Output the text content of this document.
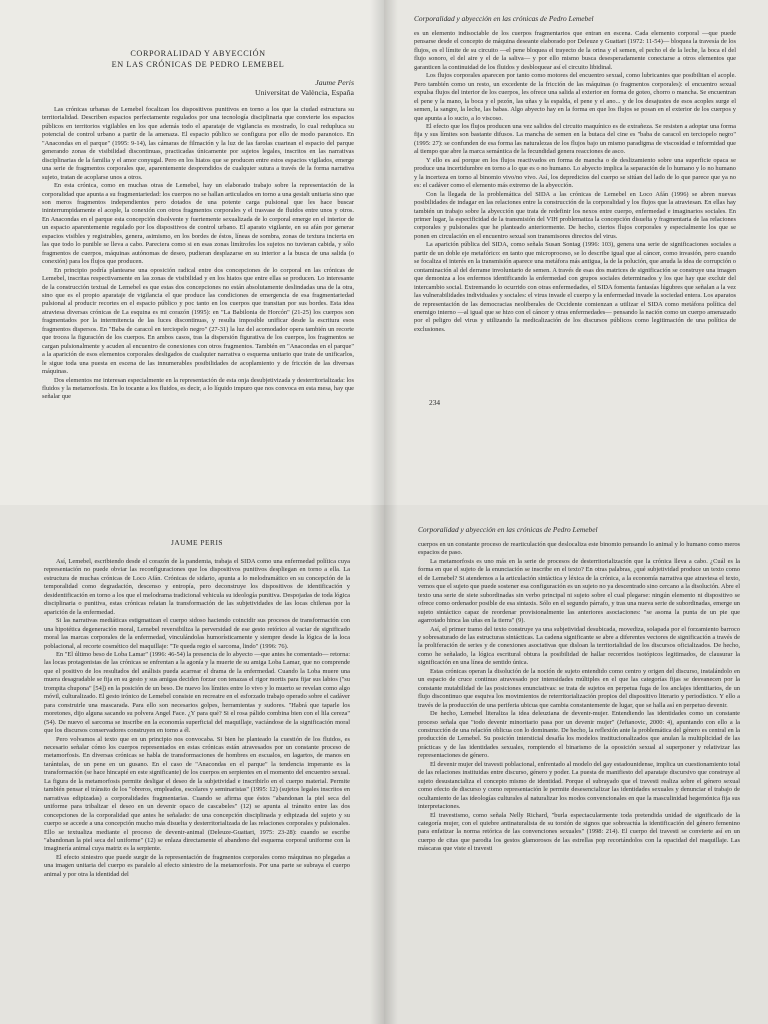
CORPORALIDAD Y ABYECCIÓN
EN LAS CRÓNICAS DE PEDRO LEMEBEL
Jaume Peris
Universitat de València, España

Las crónicas urbanas de Lemebel focalizan los dispositivos punitivos en torno a los que la ciudad estructura su territorialidad. Describen espacios perfectamente regulados por una tecnología disciplinaria que convierte los espacios públicos en territorios vigilables en los que además todo el aparataje de vigilancia es mostrado, lo cual redupluca su potencial de control urbano a partir de la amenaza. El espacio público se configura por ello de modo paranoico. En "Anacondas en el parque" (1995: 9-14), las cámaras de filmación y la luz de las farolas cuartean el espacio del parque generando zonas de visibilidad discontinuas, practicadas únicamente por sujetos legales, inscritos en las narrativas disciplinarias de la familia y el amor conyugal. Pero en los hiatos que se producen entre estos espacios vigilados, emerge una serie de fragmentos corporales que, aparentemente desprendidos de cualquier sutura a través de la forma narrativa sujeto, tratan de acoplarse unos a otros.

En esta crónica, como en muchas otras de Lemebel, hay un elaborado trabajo sobre la representación de la corporalidad que apunta a su fragmentariedad: los cuerpos no se hallan articulados en torno a una gestalt unitaria sino que son meros fragmentos independientes pero dotados de una potente carga pulsional que les hace buscar ininterrumpidamente el acople, la conexión con otros fragmentos corporales y el trasvase de fluidos entre unos y otros. En Anacondas en el parque esta concepción disolvente y fuertemente sexualizada de lo corporal emerge en el interior de un espacio aparentemente regulado por los dispositivos de control urbano. El aparato vigilante, en su afán por generar espacios visibles y registrables, genera, asimismo, en los bordes de éstos, líneas de sombra, zonas de textura incierta en las que todo lo punible se lleva a cabo. Pareciera como si en esas zonas limítrofes los sujetos no tuvieran cabida, y sólo fragmentos de cuerpos, máquinas autónomas de deseo, pudieran desplazarse en su interior a la busca de una salida (o conexión) para los flujos que producen.

En principio podría plantearse una oposición radical entre dos concepciones de lo corporal en las crónicas de Lemebel, inscritas respectivamente en las zonas de visibilidad y en los hiatos que entre ellas se producen. Lo interesante de la construcción textual de Lemebel es que estas dos concepciones no están absolutamente deslindadas una de la otra, sino que es el propio aparataje de vigilancia el que produce las condiciones de emergencia de esa fragmentariedad pulsional al producir recortes en el espacio público y poc tanto en los cuerpos que transitan por sus bordes. Esta idea atraviesa diversas crónicas de La esquina es mi corazón (1995): en "La Babilonia de Horcón" (21-25) los cuerpos son fragmentados por la intermitencia de las luces discontinuas, y resulta imposible unificar desde la escritura esos fragmentos dispersos. En "Baba de caracol en terciopelo negro" (27-31) la luz del acomodador opera también un recorte que trocea la figuración de los cuerpos. En ambos casos, tras la dispersión figurativa de los cuerpos, los fragmentos se cargan pulsionalmente y acuden al encuentro de conexiones con otros fragmentos. También en "Anacondas en el parque" a la aparición de esos elementos corporales desligados de cualquier narrativa o esquema unitario que trate de unificarlos, le sigue toda una puesta en escena de las innumerables posibilidades de acoplamiento y de fricción de las diversas máquinas.

Dos elementos me interesan especialmente en la representación de esta onja desubjetivizada y desterritorializada: los fluidos y la metamorfosis. En lo tocante a los fluidos, es decir, a lo líquido impuro que nos convoca en esta mesa, hay que señalar que

Corporalidad y abyección en las crónicas de Pedro Lemebel

es un elemento indisociable de los cuerpos fragmentarios que entran en escena. Cada elemento corporal —que puede pensarse desde el concepto de máquina deseante elaborado por Deleuze y Guattari (1972: 11-54)— bloquea la travesía de los flujos, es el límite de su circuito —el pene bloquea el trayecto de la orina y el semen, el pecho el de la leche, la boca el del flujo sonoro, el del aire y el de la saliva— y por ello mismo busca desesperadamente conectarse a otros elementos que garanticen la continuidad de los fluidos y desbloquear así el circuito libidinal.

Los flujos corporales aparecen por tanto como motores del encuentro sexual, como lubricantes que posibilitan el acople. Pero también como un resto, un excedente de la fricción de las máquinas (o fragmentos corporales): el encuentro sexual expulsa flujos del interior de los cuerpos, les ofrece una salida al exterior en forma de goteo, chorro o mancha. Se encuentran el pene y la mano, la boca y el pezón, las uñas y la espalda, el pene y el ano... y de los desajustes de esos acoples surge el semen, la sangre, la leche, las babas. Algo abyecto hay en la forma en que los flujos se posan en el exterior de los cuerpos y que apunta a lo sucio, a lo viscoso.

El efecto que los flujos producen una vez salidos del circuito maquínico es de extrañeza. Se resisten a adoptar una forma fija y sus límites son bastante difusos. La mancha de semen en la butaca del cine es "baba de caracol en terciopelo negro" (1995: 27): se confunden de esa forma las naturalezas de los flujos bajo un mismo paradigma de viscosidad e informidad que al tiempo que abre la marca semántica de la fecundidad genera reacciones de asco.

Y ello es así porque en los flujos reactivados en forma de mancha o de deslizamiento sobre una superficie opaca se produce una incertidumbre en torno a lo que es o no humano. Lo abyecto implica la separación de lo humano y lo no humano y la incerteza en torno al binomio vivo/no vivo. Así, los depredicios del cuerpo se sitúan del lado de lo que parece que ya no es: el cadáver como el elemento más extremo de la abyección.

Con la llegada de la problemática del SIDA a las crónicas de Lemebel en Loco Afán (1996) se abren nuevas posibilidades de indagar en las relaciones entre la construcción de la corporalidad y los flujos que la atraviesan. En ellas hay también un trabajo sobre la abyección que trata de redefinir los nexos entre cuerpo, enfermedad e imaginarios sociales. En primer lugar, la especificidad de la transmisión del VIH problematiza la concepción disuelta y fragmentaria de las relaciones corporales y pulsionales que he planteado anteriormente. De hecho, ciertos flujos corporales y especialmente los que se ponen en circulación en el encuentro sexual son transmisores directos del virus.

La aparición pública del SIDA, como señala Susan Sontag (1996: 103), genera una serie de significaciones sociales a partir de un doble eje metafórico: en tanto que microproceso, se lo describe igual que al cáncer, como invasión, pero cuando se focaliza el interés en la transmisión aparece una metáfora más antigua, la de la polución, que anuda la idea de corrupción o contaminación al del derrame involuntario de semen. A través de esas dos matrices de significación se construye una imagen que demoniza a los enfermos identificando la enfermedad con grupos sociales determinados y los que hay que excluir del intercambio social. Extremando lo ocurrido con otras enfermedades, el SIDA fomenta fantasías lúgubres que señalan a la vez las vulnerabilidades individuales y sociales: el virus invade el cuerpo y la enfermedad invade la sociedad entera. Los aparatos de representación de las democracias neoliberales de Occidente comienzan a utilizar el SIDA como metáfora política del enemigo interno —al igual que se hizo con el cáncer y otras enfermedades— pensando la nación como un cuerpo amenazado por el peligro del virus y utilizando la medicalización de los discursos públicos como legitimación de una política de exclusiones.

234
JAUME PERIS

Así, Lemebel, escribiendo desde el corazón de la pandemia, trabaja el SIDA como una enfermedad política cuya representación no puede obviar las reconfiguraciones que los dispositivos punitivos despliegan en torno a ella. La estructura de muchas crónicas de Loco Afán. Crónicas de sidario, apunta a lo melodramático en su concepción de la temporalidad como degradación, descenso y entropía, pero deconstruye los dispositivos de identificación y desidentificación en torno a los que el melodrama tradicional vehicula su ideología punitiva. Despojadas de toda lógica disciplinaria o punitiva, estas crónicas relatan la transformación de las subjetividades de las locas chilenas por la aparición de la enfermedad.

Si las narrativas mediáticas estigmatizan el cuerpo sidoso haciendo coincidir sus procesos de transformación con una hipotética degeneración moral, Lemebel reversibiliza la perversidad de ese gesto retórico al vaciar de significado moral las marcas corporales de la enfermedad, vinculándolas humorísticamente y siempre desde la lógica de la loca poblacional, al recorte cosmético del maquillaje: "Te queda regio el sarcoma, lindo" (1996: 76).

En "El último beso de Loba Lamar" (1996: 46-54) la presencia de lo abyecto —que antes he comentado— retorna: las locas protagonistas de las crónicas se enfrentan a la agonía y la muerte de su amiga Loba Lamar, que no comprende que el positivo de los resultados del análisis pueda acarrear el drama de la enfermedad. Cuando la Loba muere una muera desagradable se fija en su gesto y sus amigas deciden forzar con tenazas el rigor mortis para fijar sus labios ("su trompita chupona" [54]) en la posición de un beso. De nuevo los límites entre lo vivo y lo muerto se revelan como algo móvil, culturalizado. El gesto irónico de Lemebel consiste en recreatre en el esforzado trabajo operado sobre el cadáver para construirle una mascarada. Para ello son necesarios golpes, herramientas y sudores. "Habrá que taparle los moretones, dijo alguna sacando su polvera Angel Face. ¿Y para qué? Si el rosa pálido combina bien con el lila cereza" (54). De nuevo el sarcoma se inscribe en la economía superficial del maquillaje, vaciándose de la significación moral que los discursos conservadores construyen en torno a él.

Pero volvamos al texto que en un principio nos convocaba. Si bien he planteado la cuestión de los fluidos, es necesario señalar cómo los cuerpos representados en estas crónicas están atravesados por un constante proceso de metamorfosis. En diversas crónicas se habla de transformaciones de hombres en escualos, en lagartos, de manos en tarántulas, de un pene en un gusano. En el caso de "Anacondas en el parque" la tendencia imperante es la transformación (se hace hincapié en este significante) de los cuerpos en serpientes en el momento del encuentro sexual. La figura de la metamorfosis permite desligar el deseo de la subjetividad e inscribirlo en el cuerpo material. Permite también pensar el tránsito de los "obreros, empleados, escolares y seminaristas" (1995: 12) (sujetos legales inscritos en narrativas edipizadas) a corporalidades fragmentarias. Cuando se afirma que éstos "abandonan la piel seca del uniforme para tribalizar el deseo en un devenir opaco de cascabeles" (12) se apunta al tránsito entre las dos concepciones de la corporalidad que antes he señalado: de una concepción disciplinada y edipizada del sujeto y su cuerpo se accede a una concepción mucho más disuelta y desterritorializada de las relaciones corporales y pulsionales. Ello se textualiza mediante el proceso de devenir-animal (Deleuze-Guattari, 1975: 23-28): cuando se escribe "abandonan la piel seca del uniforme" (12) se enlaza directamente el abandono del esquema corporal uniforme con la imaginería animal cuya matriz es la serpiente.

El efecto siniestro que puede surgir de la representación de fragmentos corporales como máquinas no plegadas a una imagen unitaria del cuerpo es paralelo al efecto siniestro de la metamorfosis. Por una parte se subraya el cuerpo animal y por otra la identidad del

Corporalidad y abyección en las crónicas de Pedro Lemebel

cuerpos en un constante proceso de rearticulación que deslocaliza este binomio pensando lo animal y lo humano como meros espacios de paso.

La metamorfosis es uno más en la serie de procesos de desterritorialización que la crónica lleva a cabo. ¿Cuál es la forma en que el sujeto de la enunciación se inscribe en el texto? En otras palabras, ¿qué subjetividad produce un texto como el de Lemebel? Si atendemos a la articulación sintáctica y léxica de la crónica, a la economía narrativa que atraviesa el texto, vemos que el sujeto que puede sostener esa configuración es un sujeto no ya descentrado sino cercano a la disolución. Abre el texto una serie de siete subordinadas sin verbo principal ni sujeto sobre el cual plegarse: ningún elemento ni dispositivo se ofrece como ordenador posible de esa sintaxis. Sólo en el segundo párrafo, y tras una nueva serie de subordinadas, emerge un sujeto sintáctico capaz de reordenar provisionalmente las anteriores asociaciones: "se asoma la punta de un pie que agarrotado hinca las uñas en la tierra" (9).

Así, el primer tramo del texto construye ya una subjetividad desubicada, movediza, solapada por el forzamiento barroco y sobresaturado de las estructuras sintácticas. La cadena significante se abre a diferentes vectores de significación a través de la proliferación de series y de conexiones asociativas que disloan la territorialidad de los discursos oficializados. De hecho, como he señalado, la lógica escritural obtura la posibilidad de hallar recorridos isotópicos legitimados, de clausurar la significación en una línea de sentido única.

Estas crónicas operan la disolución de la noción de sujeto entendido como centro y origen del discurso, instalándolo en un espacio de cruce continuo atravesado por intensidades múltiples en el que las categorías fijas se desvanecen por la constante mutabilidad de las posiciones enunciativas: se trata de sujetos en perpetua fuga de los anclajes identitarios, de un flujo discontinuo que esquiva los movimientos de reterritorialización propios del dispositivo literario y periodístico. Y ello a través de la producción de una periferia ubicua que cambia constantemente de lugar, que se halla así en perpetuo devenir.

De hecho, Lemebel literaliza la idea deleuziana de devenir-mujer. Entendiendo las identidades como un constante proceso señala que "todo devenir minoritario pasa por un devenir mujer" (Jeftanovic, 2000: 4), apuntando con ello a la construcción de una relación oblicua con lo dominante. De hecho, la reflexión ante la problemática del género es central en la producción de Lemebel. Su posición intersticial desafía los modelos institucionalizados que anulan la multiplicidad de las prácticas y de las identidades sexuales, rompiendo el binarismo de la oposición sexual al superponer y relativizar las representaciones de género.

El devenir mujer del travesti poblacional, enfrentado al modelo del gay estadounidense, implica un cuestionamiento total de las relaciones instituidas entre discurso, género y poder. La puesta de manifiesto del aparataje discursivo que construye al sujeto desustancializa el concepto mismo de identidad. Porque el subrayado que el travesti realiza sobre el género sexual como efecto de discurso y como representación le permite desesencializar las identidades sexuales y denunciar el trabajo de ocultamiento de las ideologías culturales al naturalizar los modos convencionales en que la masculinidad hegemónica fija sus interpretaciones.

El travestismo, como señala Nelly Richard, "burla espectacularmente toda pretendida unidad de significado de la categoría mujer, con el quiebre antinaturalista de su torsión de signos que sobreactúa la identificación del género femenino para enfatizar la norma retórica de las convenciones sexuales" (1998: 214). El cuerpo del travesti se convierte así en un cuerpo de citas que parodia los gestos glamorosos de las estrellas pop recortándolos con la opacidad del maquillaje. Las máscaras que viste el travesti
